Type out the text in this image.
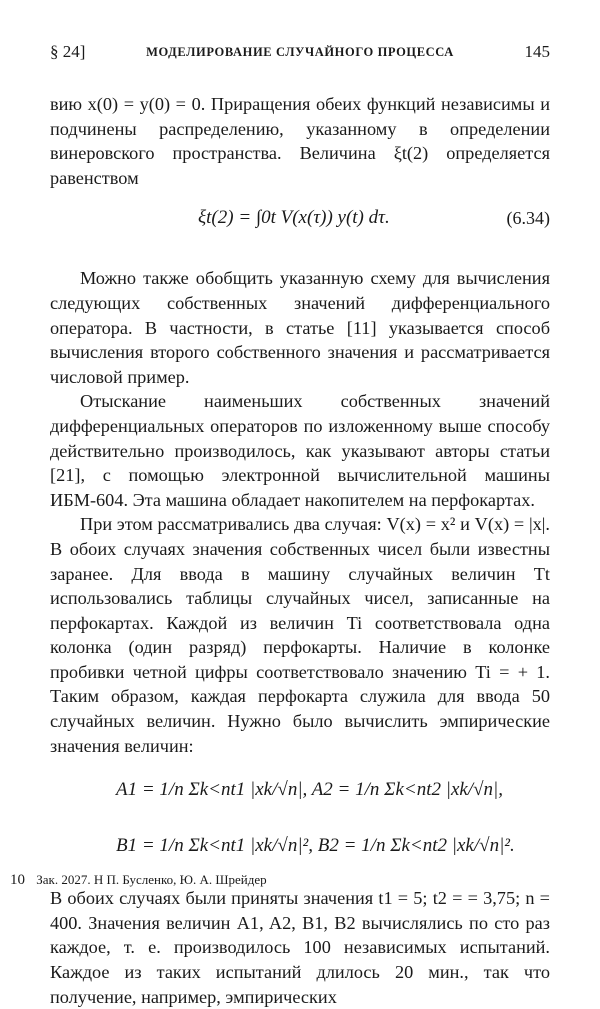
§ 24]	МОДЕЛИРОВАНИЕ СЛУЧАЙНОГО ПРОЦЕССА	145

вию x(0) = y(0) = 0. Приращения обеих функций независимы и подчинены распределению, указанному в определении винеровского пространства. Величина ξt(2) определяется равенством

ξt(2) = ∫0t V(x(τ)) y(t) dτ.	(6.34)

Можно также обобщить указанную схему для вычисления следующих собственных значений дифференциального оператора. В частности, в статье [11] указывается способ вычисления второго собственного значения и рассматривается числовой пример.

Отыскание наименьших собственных значений дифференциальных операторов по изложенному выше способу действительно производилось, как указывают авторы статьи [21], с помощью электронной вычислительной машины ИБМ-604. Эта машина обладает накопителем на перфокартах.

При этом рассматривались два случая: V(x) = x² и V(x) = |x|. В обоих случаях значения собственных чисел были известны заранее. Для ввода в машину случайных величин Tt использовались таблицы случайных чисел, записанные на перфокартах. Каждой из величин Ti соответствовала одна колонка (один разряд) перфокарты. Наличие в колонке пробивки четной цифры соответствовало значению Ti = + 1. Таким образом, каждая перфокарта служила для ввода 50 случайных величин. Нужно было вычислить эмпирические значения величин:

A1 = 1/n Σk<nt1 |xk/√n|, A2 = 1/n Σk<nt2 |xk/√n|,
B1 = 1/n Σk<nt1 |xk/√n|², B2 = 1/n Σk<nt2 |xk/√n|².

В обоих случаях были приняты значения t1 = 5; t2 = = 3,75; n = 400. Значения величин A1, A2, B1, B2 вычислялись по сто раз каждое, т. е. производилось 100 независимых испытаний. Каждое из таких испытаний длилось 20 мин., так что получение, например, эмпирических

10 Зак. 2027. Н П. Бусленко, Ю. А. Шрейдер
